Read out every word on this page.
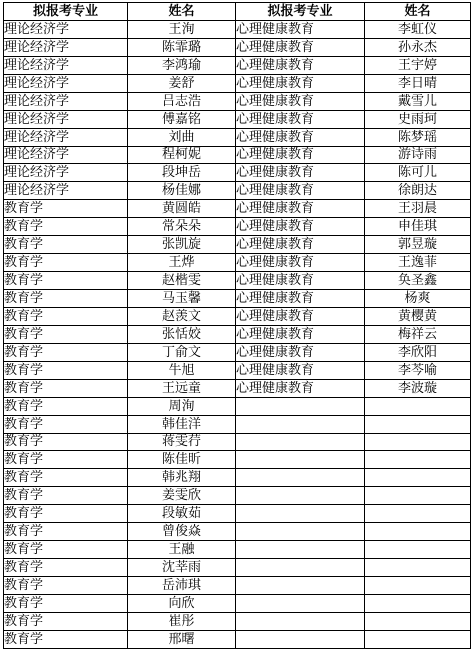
拟报考专业	姓名	拟报考专业	姓名
理论经济学	王洵	心理健康教育	李虹仪
理论经济学	陈霏璐	心理健康教育	孙永杰
理论经济学	李鸿瑜	心理健康教育	王宇婷
理论经济学	姜舒	心理健康教育	李日晴
理论经济学	吕志浩	心理健康教育	戴雪儿
理论经济学	傅嘉铭	心理健康教育	史雨珂
理论经济学	刘曲	心理健康教育	陈梦瑶
理论经济学	程柯妮	心理健康教育	游诗雨
理论经济学	段坤岳	心理健康教育	陈可儿
理论经济学	杨佳娜	心理健康教育	徐朗达
教育学	黄圆皓	心理健康教育	王羽晨
教育学	常朵朵	心理健康教育	申佳琪
教育学	张凯旋	心理健康教育	郭昱璇
教育学	王烨	心理健康教育	王逸菲
教育学	赵楷雯	心理健康教育	奂圣鑫
教育学	马玉馨	心理健康教育	杨爽
教育学	赵羡文	心理健康教育	黄樱黄
教育学	张恬姣	心理健康教育	梅祥云
教育学	丁俞文	心理健康教育	李欣阳
教育学	牛旭	心理健康教育	李芩喻
教育学	王远童	心理健康教育	李波璇
教育学	周洵		
教育学	韩佳洋		
教育学	蒋雯荇		
教育学	陈佳昕		
教育学	韩兆翔		
教育学	姜雯欣		
教育学	段敏茹		
教育学	曾俊焱		
教育学	王融		
教育学	沈莘雨		
教育学	岳沛琪		
教育学	向欣		
教育学	崔彤		
教育学	邢曙		
